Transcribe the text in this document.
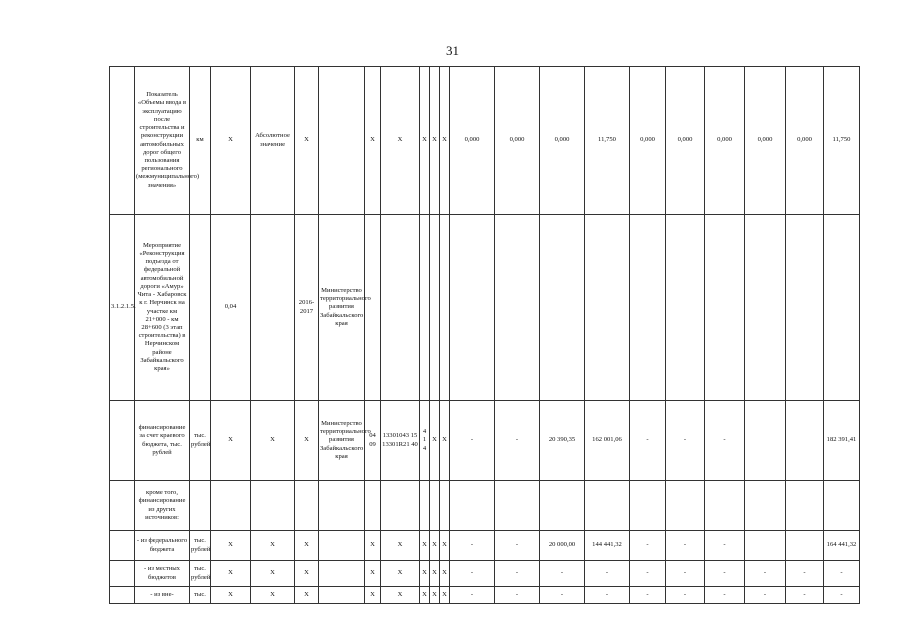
31
	Показатель «Объемы ввода в эксплуатацию после строительства и реконструкции автомобильных дорог общего пользования регионального (межмуниципального) значения»	км	Х	Абсолютное значение	Х		Х	Х	Х	Х	Х	0,000	0,000	0,000	11,750	0,000	0,000	0,000	0,000	0,000	11,750
3.1.2.1.5.	Мероприятие «Реконструкция подъезда от федеральной автомобильной дороги «Амур» Чита - Хабаровск к г. Нерчинск на участке км 21+000 - км 28+600 (3 этап строительства) в Нерчинском районе Забайкальского края»		0,04		2016-2017	Министерство территориального развития Забайкальского края															
	финансирование за счет краевого бюджета, тыс. рублей	тыс. рублей	Х	Х	Х	Министерство территориального развития Забайкальского края	04 09	13301043 15 13301R21 40	4 1 4	Х	Х	-	-	20 390,35	162 001,06	-	-	-			182 391,41
	кроме того, финансирование из других источников:																				
	- из федерального бюджета	тыс. рублей	Х	Х	Х		Х	Х	Х	Х	Х	-	-	20 000,00	144 441,32	-	-	-			164 441,32
	- из местных бюджетов	тыс. рублей	Х	Х	Х		Х	Х	Х	Х	Х	-	-	-	-	-	-	-	-	-	-
	- из вне-	тыс.	Х	Х	Х		Х	Х	Х	Х	Х	-	-	-	-	-	-	-	-	-	-
